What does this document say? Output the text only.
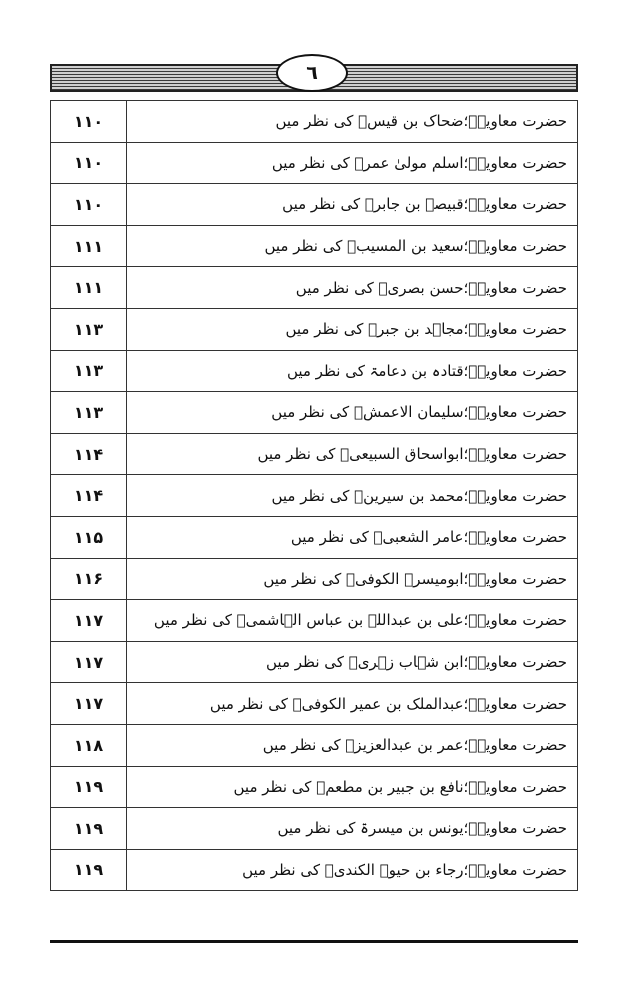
٦
۱۱۰	حضرت معاویہؓ؛ضحاک بن قیسؒ کی نظر میں
۱۱۰	حضرت معاویہؓ؛اسلم مولیٰ عمرؒ کی نظر میں
۱۱۰	حضرت معاویہؓ؛قبیصۃ بن جابرؒ کی نظر میں
۱۱۱	حضرت معاویہؓ؛سعید بن المسیبؒ کی نظر میں
۱۱۱	حضرت معاویہؓ؛حسن بصریؒ کی نظر میں
۱۱۳	حضرت معاویہؓ؛مجاہد بن جبرؒ کی نظر میں
۱۱۳	حضرت معاویہؓ؛قتادہ بن دعامۃ کی نظر میں
۱۱۳	حضرت معاویہؓ؛سلیمان الاعمشؒ کی نظر میں
۱۱۴	حضرت معاویہؓ؛ابواسحاق السبیعیؒ کی نظر میں
۱۱۴	حضرت معاویہؓ؛محمد بن سیرینؒ کی نظر میں
۱۱۵	حضرت معاویہؓ؛عامر الشعبیؒ کی نظر میں
۱۱۶	حضرت معاویہؓ؛ابومیسرۃ الکوفیؒ کی نظر میں
۱۱۷	حضرت معاویہؓ؛علی بن عبداللہ بن عباس الہاشمیؒ کی نظر میں
۱۱۷	حضرت معاویہؓ؛ابن شہاب زہریؒ کی نظر میں
۱۱۷	حضرت معاویہؓ؛عبدالملک بن عمیر الکوفیؒ کی نظر میں
۱۱۸	حضرت معاویہؓ؛عمر بن عبدالعزیزؒ کی نظر میں
۱۱۹	حضرت معاویہؓ؛نافع بن جبیر بن مطعمؒ کی نظر میں
۱۱۹	حضرت معاویہؓ؛یونس بن میسرۃ کی نظر میں
۱۱۹	حضرت معاویہؓ؛رجاء بن حیوۃ الکندیؒ کی نظر میں
